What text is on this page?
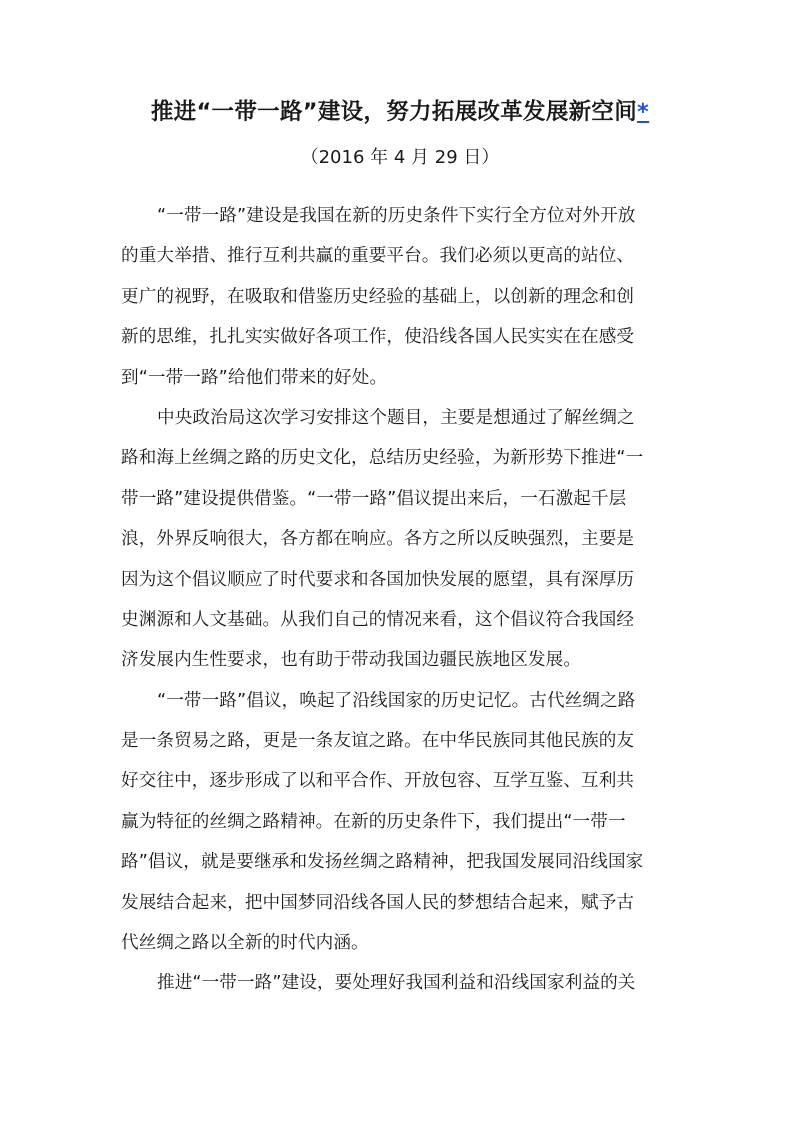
推进“一带一路”建设，努力拓展改革发展新空间*
（2016 年 4 月 29 日）
“一带一路”建设是我国在新的历史条件下实行全方位对外开放
的重大举措、推行互利共赢的重要平台。我们必须以更高的站位、
更广的视野，在吸取和借鉴历史经验的基础上，以创新的理念和创
新的思维，扎扎实实做好各项工作，使沿线各国人民实实在在感受
到“一带一路”给他们带来的好处。
中央政治局这次学习安排这个题目，主要是想通过了解丝绸之
路和海上丝绸之路的历史文化，总结历史经验，为新形势下推进“一
带一路”建设提供借鉴。“一带一路”倡议提出来后，一石激起千层
浪，外界反响很大，各方都在响应。各方之所以反映强烈，主要是
因为这个倡议顺应了时代要求和各国加快发展的愿望，具有深厚历
史渊源和人文基础。从我们自己的情况来看，这个倡议符合我国经
济发展内生性要求，也有助于带动我国边疆民族地区发展。
“一带一路”倡议，唤起了沿线国家的历史记忆。古代丝绸之路
是一条贸易之路，更是一条友谊之路。在中华民族同其他民族的友
好交往中，逐步形成了以和平合作、开放包容、互学互鉴、互利共
赢为特征的丝绸之路精神。在新的历史条件下，我们提出“一带一
路”倡议，就是要继承和发扬丝绸之路精神，把我国发展同沿线国家
发展结合起来，把中国梦同沿线各国人民的梦想结合起来，赋予古
代丝绸之路以全新的时代内涵。
推进“一带一路”建设，要处理好我国利益和沿线国家利益的关
